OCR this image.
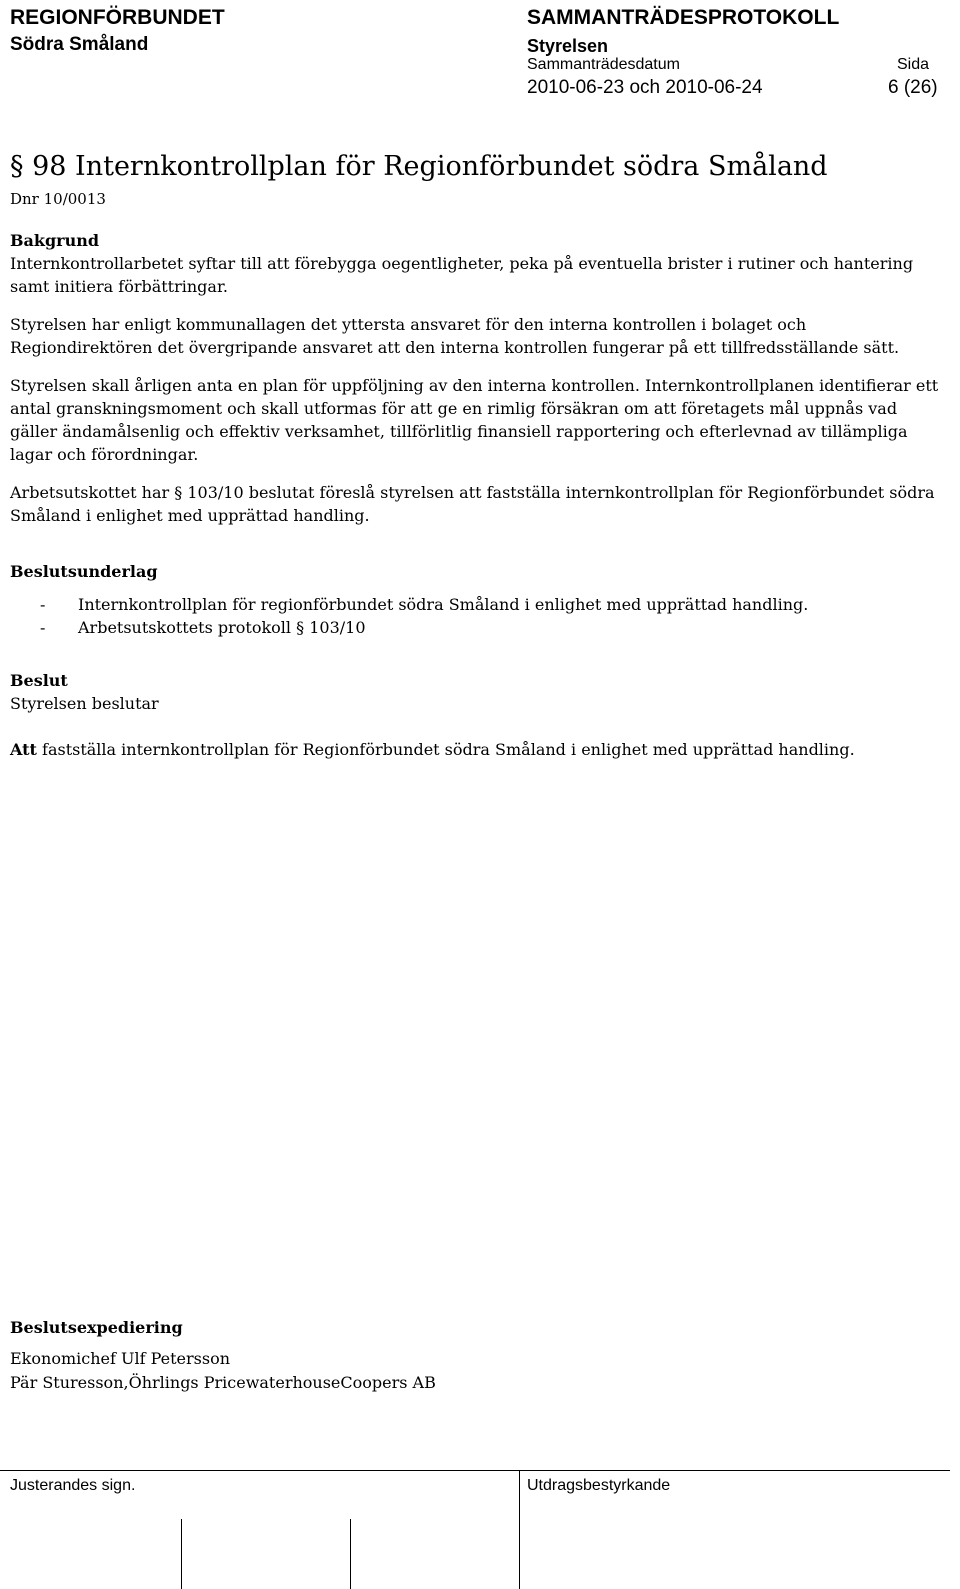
REGIONFÖRBUNDET
Södra Småland
SAMMANTRÄDESPROTOKOLL
Styrelsen
Sammanträdesdatum	Sida
2010-06-23 och 2010-06-24	6 (26)
§ 98 Internkontrollplan för Regionförbundet södra Småland
Dnr 10/0013
Bakgrund

Internkontrollarbetet syftar till att förebygga oegentligheter, peka på eventuella brister i rutiner och hantering samt initiera förbättringar.

Styrelsen har enligt kommunallagen det yttersta ansvaret för den interna kontrollen i bolaget och Regiondirektören det övergripande ansvaret att den interna kontrollen fungerar på ett tillfredsställande sätt.

Styrelsen skall årligen anta en plan för uppföljning av den interna kontrollen. Internkontrollplanen identifierar ett antal granskningsmoment och skall utformas för att ge en rimlig försäkran om att företagets mål uppnås vad gäller ändamålsenlig och effektiv verksamhet, tillförlitlig finansiell rapportering och efterlevnad av tillämpliga lagar och förordningar.

Arbetsutskottet har § 103/10 beslutat föreslå styrelsen att fastställa internkontrollplan för Regionförbundet södra Småland i enlighet med upprättad handling.

Beslutsunderlag
-	Internkontrollplan för regionförbundet södra Småland i enlighet med upprättad handling.
-	Arbetsutskottets protokoll § 103/10
Beslut

Styrelsen beslutar

Att fastställa internkontrollplan för Regionförbundet södra Småland i enlighet med upprättad handling.

Beslutsexpediering
Ekonomichef Ulf Petersson
Pär Sturesson,Öhrlings PricewaterhouseCoopers AB
Justerandes sign.	Utdragsbestyrkande
